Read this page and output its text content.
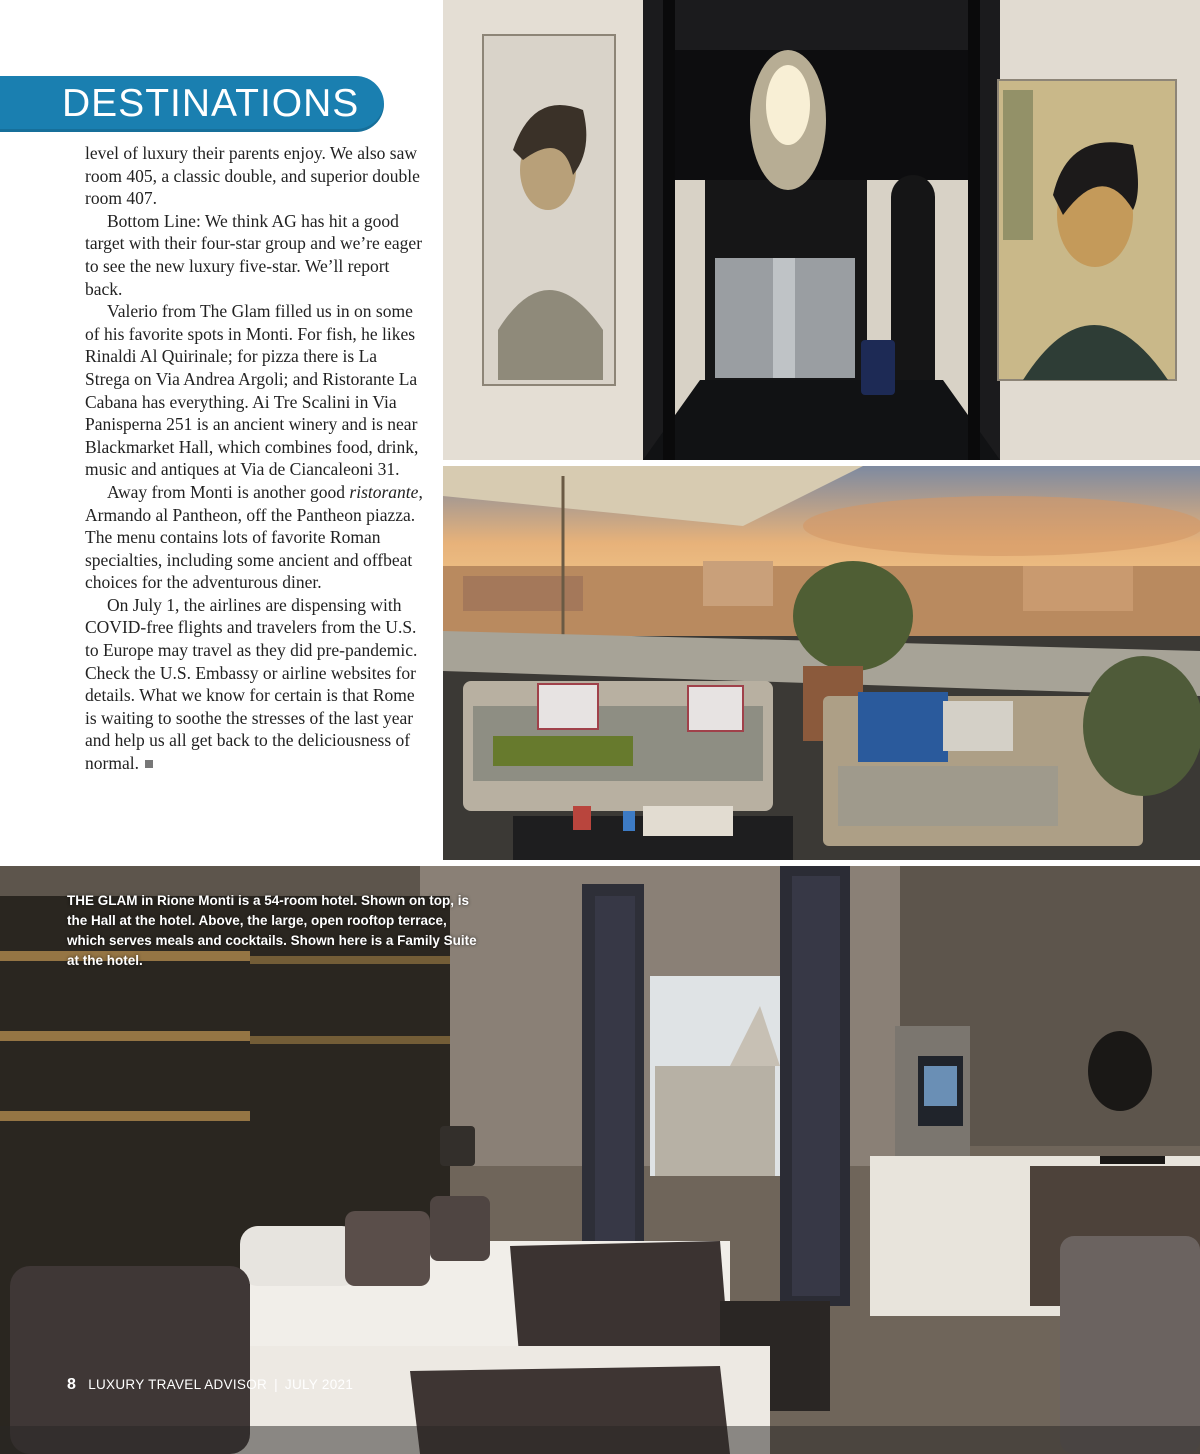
DESTINATIONS

level of luxury their parents enjoy. We also saw room 405, a classic double, and superior double room 407.

Bottom Line: We think AG has hit a good target with their four-star group and we’re eager to see the new luxury five-star. We’ll report back.

Valerio from The Glam filled us in on some of his favorite spots in Monti. For fish, he likes Rinaldi Al Quirinale; for pizza there is La Strega on Via Andrea Argoli; and Ristorante La Cabana has everything. Ai Tre Scalini in Via Panisperna 251 is an ancient winery and is near Blackmarket Hall, which combines food, drink, music and antiques at Via de Ciancaleoni 31.

Away from Monti is another good ristorante, Armando al Pantheon, off the Pantheon piazza. The menu contains lots of favorite Roman specialties, including some ancient and offbeat choices for the adventurous diner.

On July 1, the airlines are dispensing with COVID-free flights and travelers from the U.S. to Europe may travel as they did pre-pandemic. Check the U.S. Embassy or airline websites for details. What we know for certain is that Rome is waiting to soothe the stresses of the last year and help us all get back to the deliciousness of normal.

THE GLAM in Rione Monti is a 54-room hotel. Shown on top, is the Hall at the hotel. Above, the large, open rooftop terrace, which serves meals and cocktails. Shown here is a Family Suite at the hotel.
8 LUXURY TRAVEL ADVISOR | JULY 2021
